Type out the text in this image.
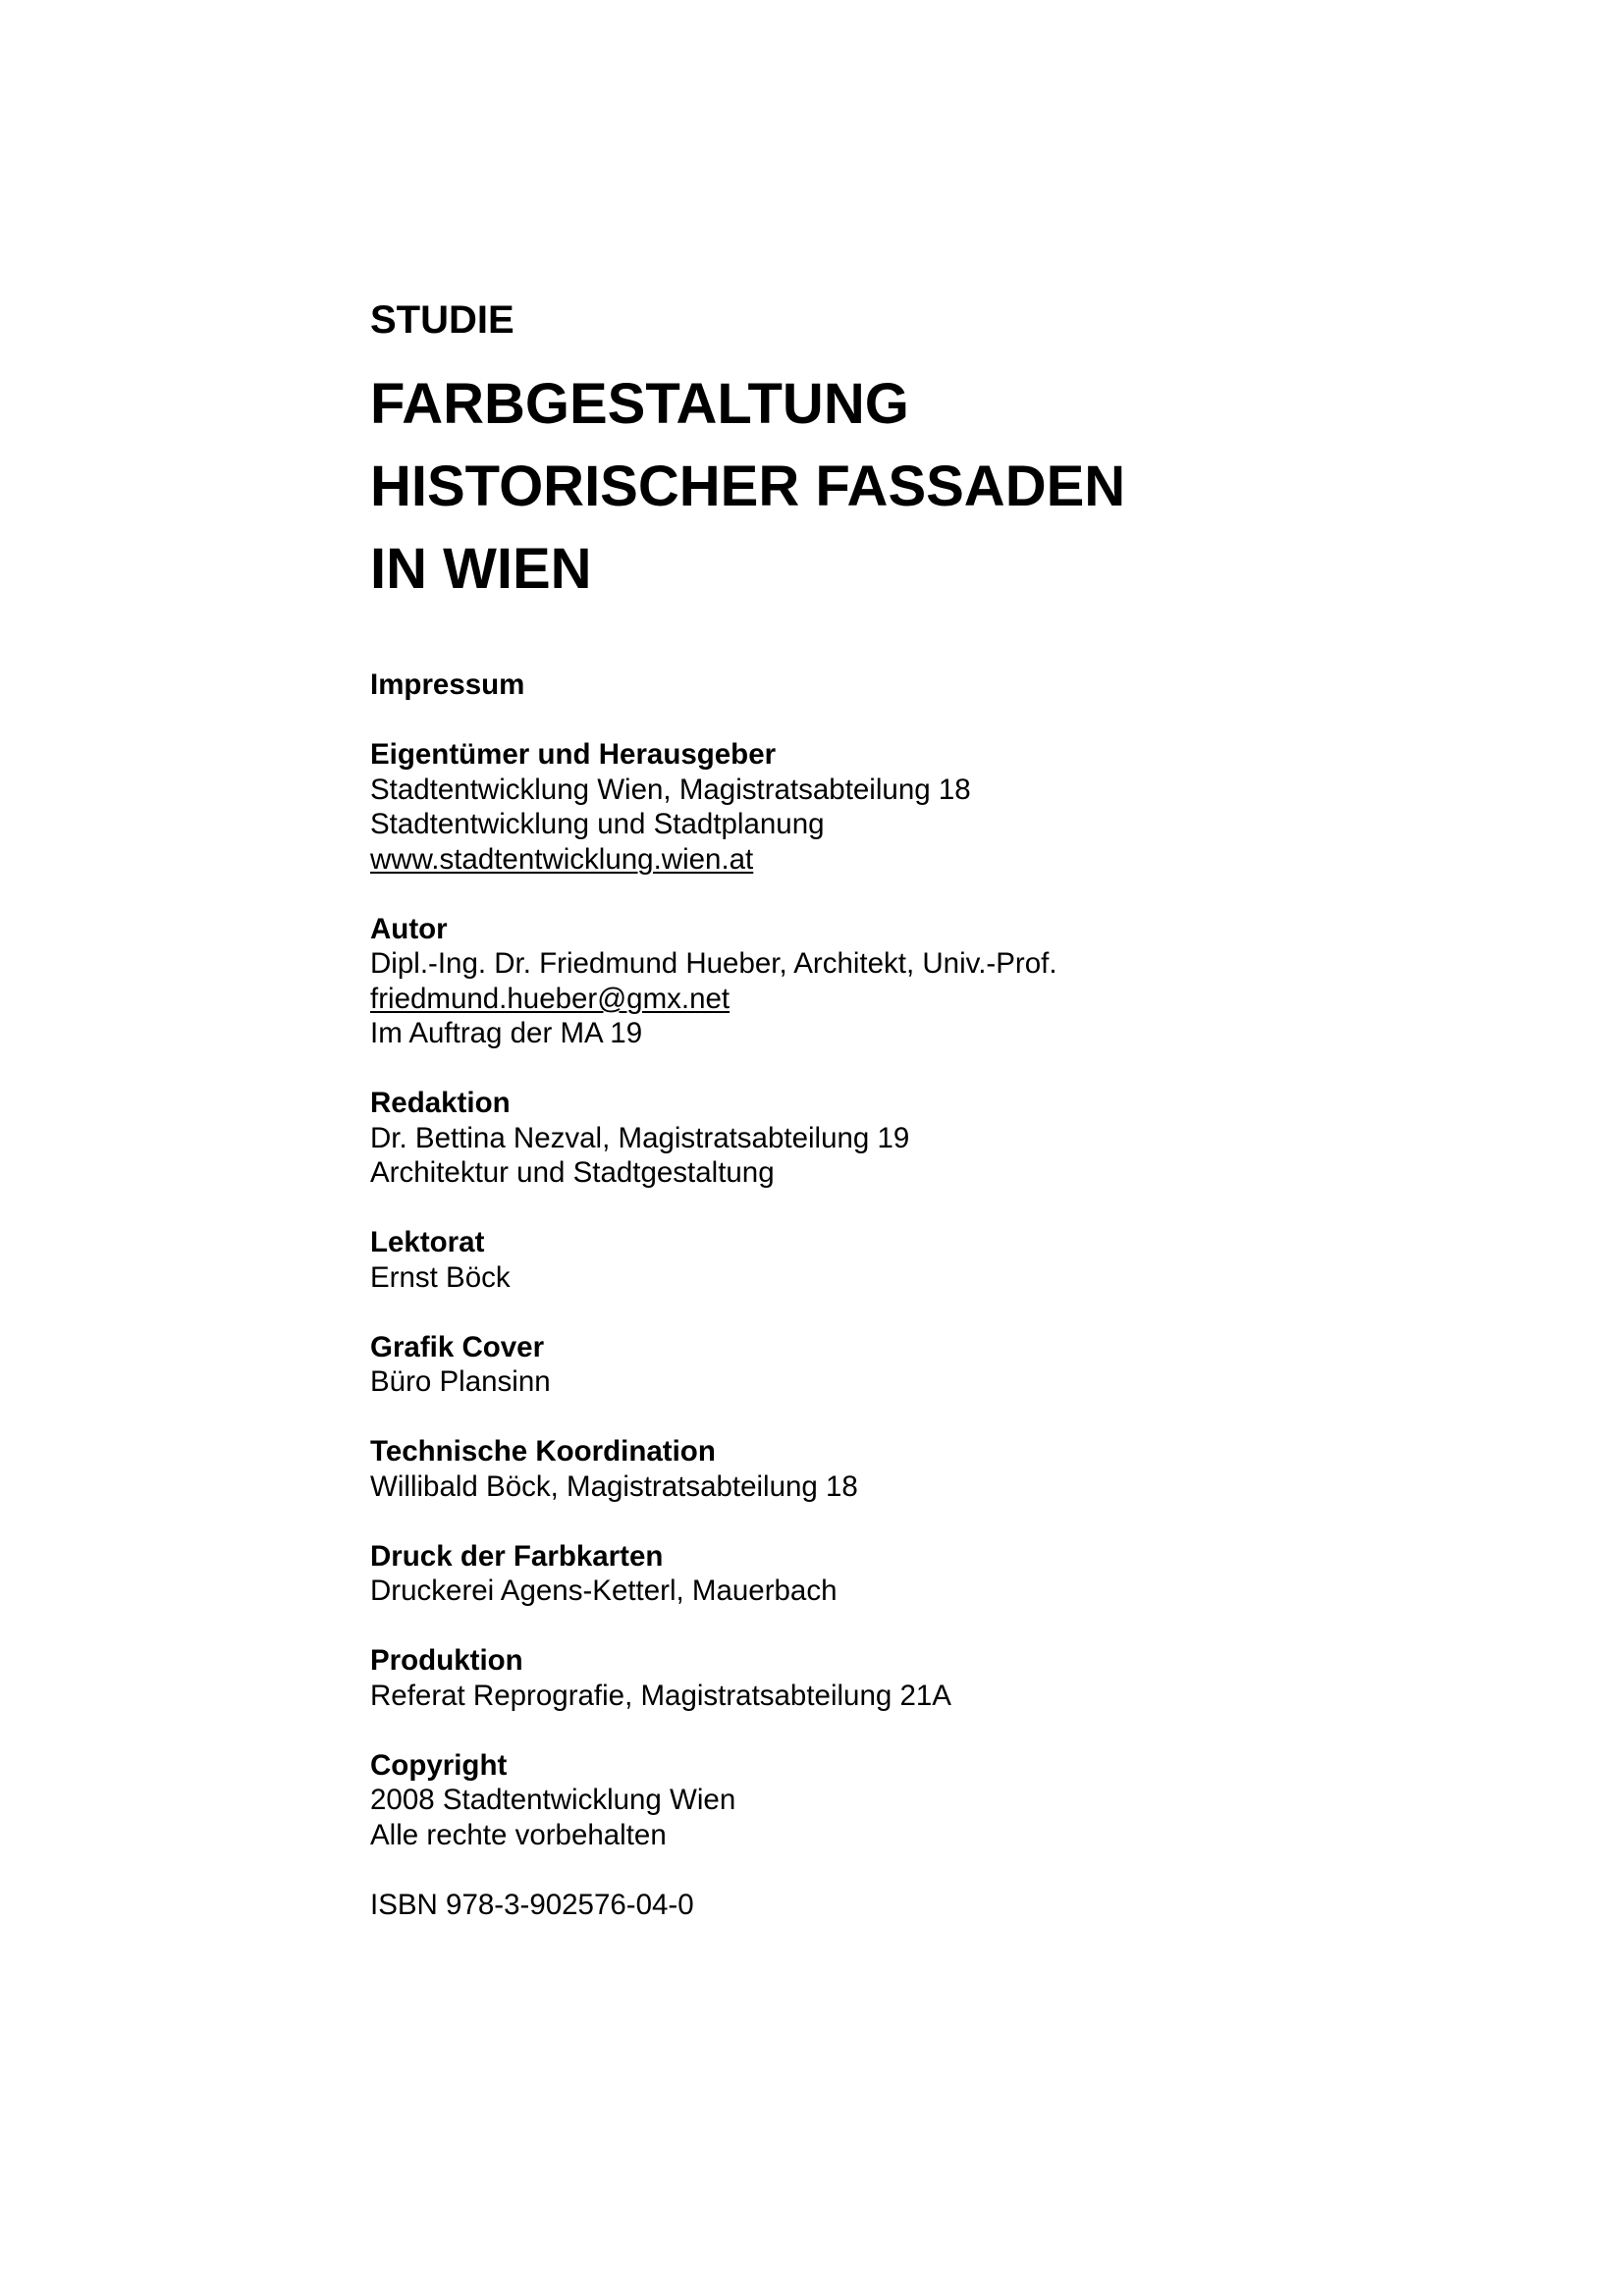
STUDIE
FARBGESTALTUNG
HISTORISCHER FASSADEN
IN WIEN
Impressum
Eigentümer und Herausgeber
Stadtentwicklung Wien, Magistratsabteilung 18
Stadtentwicklung und Stadtplanung
www.stadtentwicklung.wien.at
Autor
Dipl.-Ing. Dr. Friedmund Hueber, Architekt, Univ.-Prof.
friedmund.hueber@gmx.net
Im Auftrag der MA 19
Redaktion
Dr. Bettina Nezval, Magistratsabteilung 19
Architektur und Stadtgestaltung
Lektorat
Ernst Böck
Grafik Cover
Büro Plansinn
Technische Koordination
Willibald Böck, Magistratsabteilung 18
Druck der Farbkarten
Druckerei Agens-Ketterl, Mauerbach
Produktion
Referat Reprografie, Magistratsabteilung 21A
Copyright
2008 Stadtentwicklung Wien
Alle rechte vorbehalten
ISBN 978-3-902576-04-0
